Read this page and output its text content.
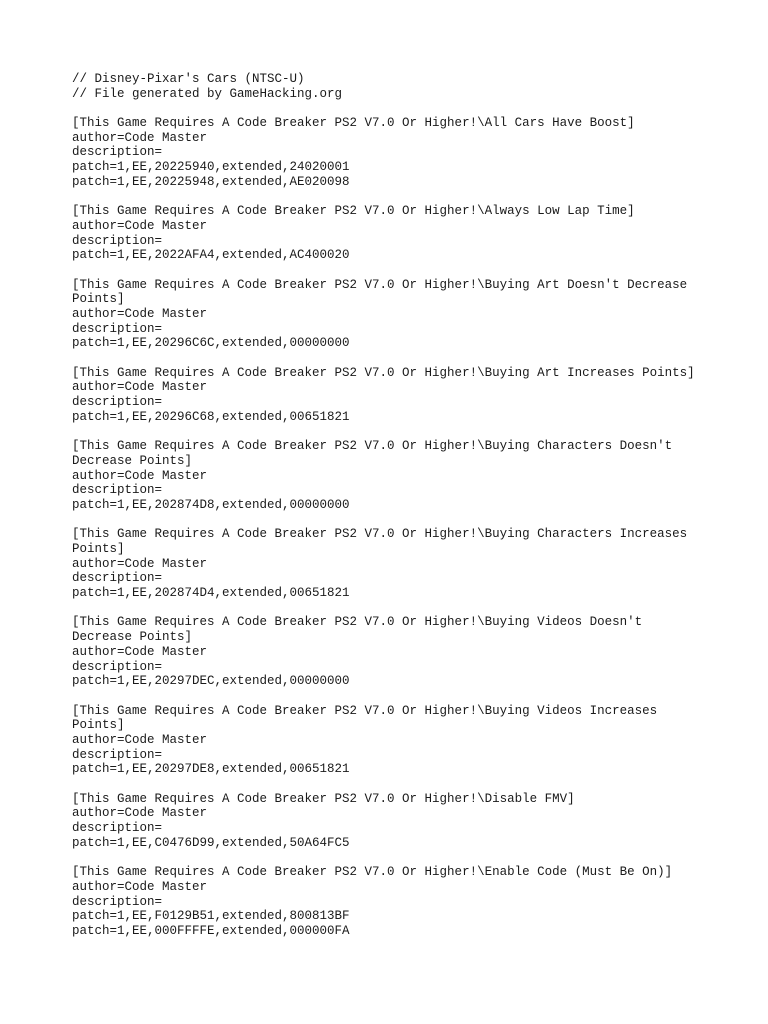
// Disney-Pixar's Cars (NTSC-U)
// File generated by GameHacking.org
[This Game Requires A Code Breaker PS2 V7.0 Or Higher!\All Cars Have Boost]
author=Code Master
description=
patch=1,EE,20225940,extended,24020001
patch=1,EE,20225948,extended,AE020098
[This Game Requires A Code Breaker PS2 V7.0 Or Higher!\Always Low Lap Time]
author=Code Master
description=
patch=1,EE,2022AFA4,extended,AC400020
[This Game Requires A Code Breaker PS2 V7.0 Or Higher!\Buying Art Doesn't Decrease
Points]
author=Code Master
description=
patch=1,EE,20296C6C,extended,00000000
[This Game Requires A Code Breaker PS2 V7.0 Or Higher!\Buying Art Increases Points]
author=Code Master
description=
patch=1,EE,20296C68,extended,00651821
[This Game Requires A Code Breaker PS2 V7.0 Or Higher!\Buying Characters Doesn't
Decrease Points]
author=Code Master
description=
patch=1,EE,202874D8,extended,00000000
[This Game Requires A Code Breaker PS2 V7.0 Or Higher!\Buying Characters Increases
Points]
author=Code Master
description=
patch=1,EE,202874D4,extended,00651821
[This Game Requires A Code Breaker PS2 V7.0 Or Higher!\Buying Videos Doesn't
Decrease Points]
author=Code Master
description=
patch=1,EE,20297DEC,extended,00000000
[This Game Requires A Code Breaker PS2 V7.0 Or Higher!\Buying Videos Increases
Points]
author=Code Master
description=
patch=1,EE,20297DE8,extended,00651821
[This Game Requires A Code Breaker PS2 V7.0 Or Higher!\Disable FMV]
author=Code Master
description=
patch=1,EE,C0476D99,extended,50A64FC5
[This Game Requires A Code Breaker PS2 V7.0 Or Higher!\Enable Code (Must Be On)]
author=Code Master
description=
patch=1,EE,F0129B51,extended,800813BF
patch=1,EE,000FFFFE,extended,000000FA
